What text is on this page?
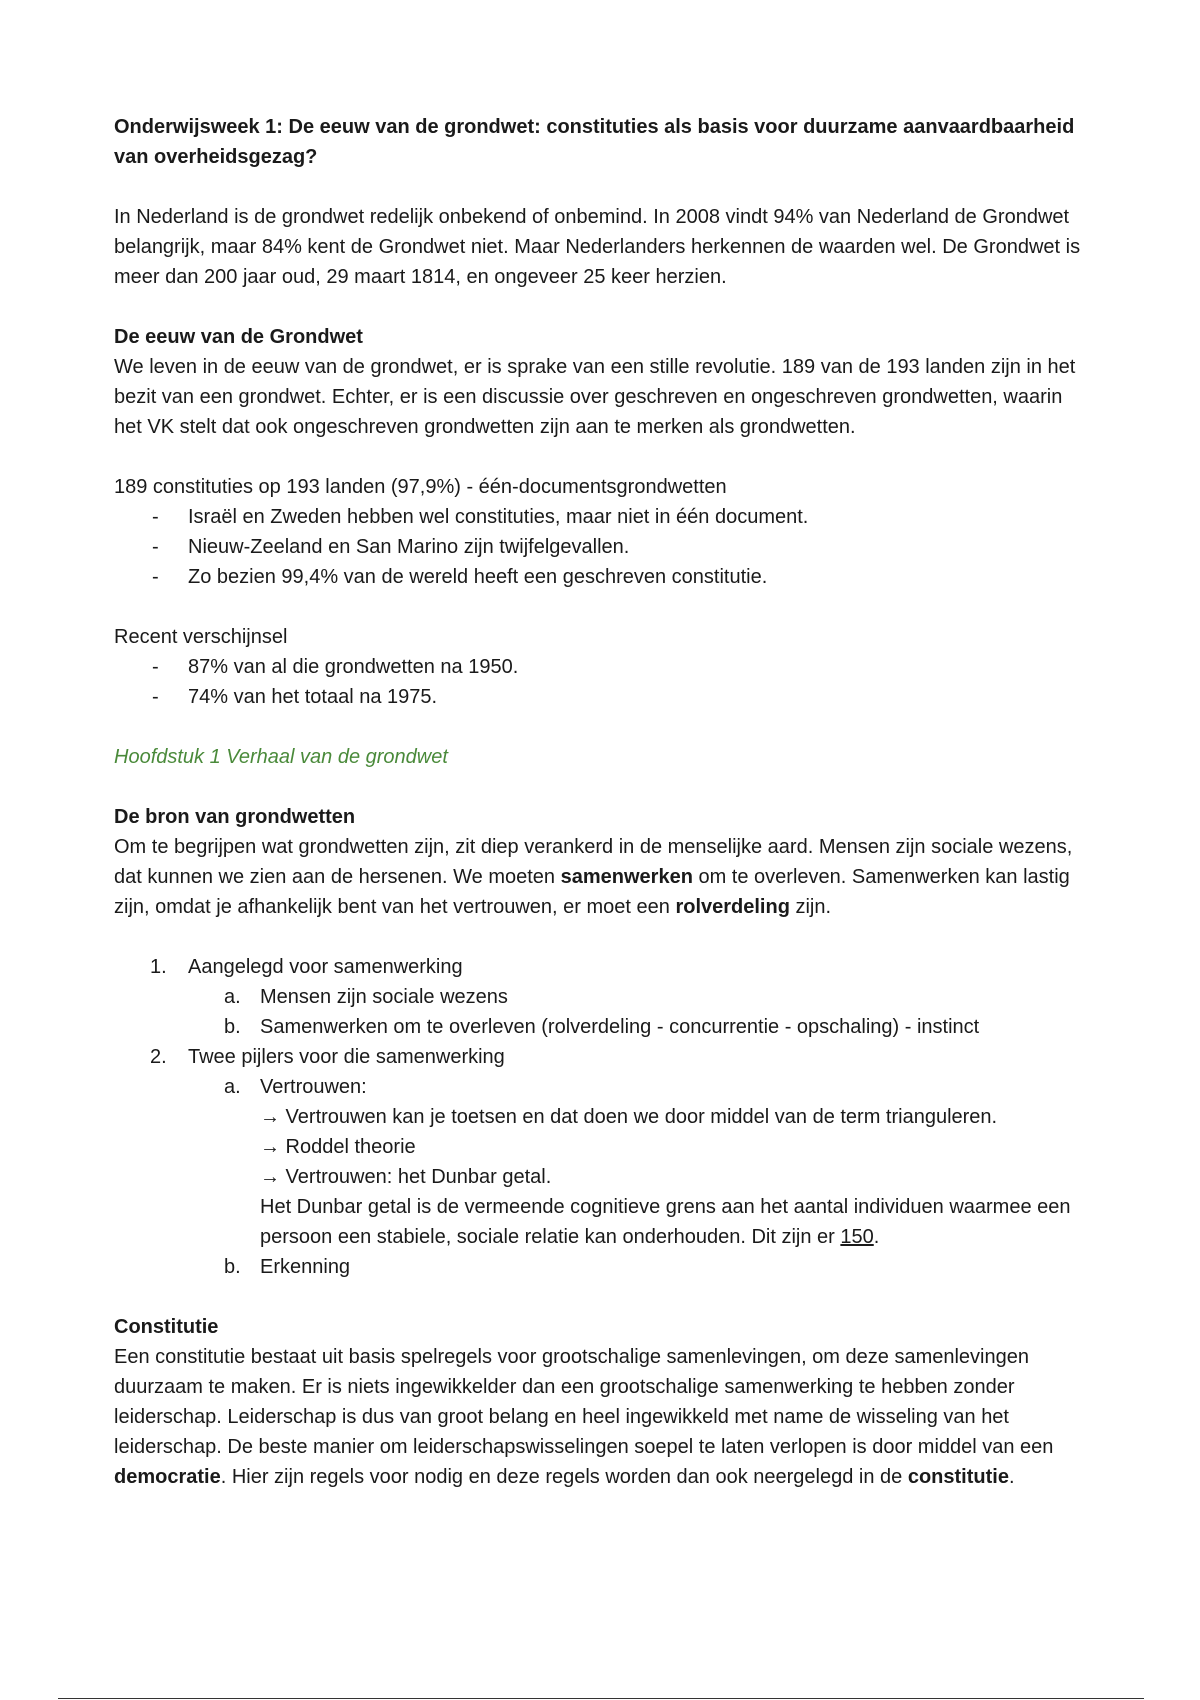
Onderwijsweek 1: De eeuw van de grondwet: constituties als basis voor duurzame aanvaardbaarheid van overheidsgezag?

In Nederland is de grondwet redelijk onbekend of onbemind. In 2008 vindt 94% van Nederland de Grondwet belangrijk, maar 84% kent de Grondwet niet. Maar Nederlanders herkennen de waarden wel. De Grondwet is meer dan 200 jaar oud, 29 maart 1814, en ongeveer 25 keer herzien.

De eeuw van de Grondwet

We leven in de eeuw van de grondwet, er is sprake van een stille revolutie. 189 van de 193 landen zijn in het bezit van een grondwet. Echter, er is een discussie over geschreven en ongeschreven grondwetten, waarin het VK stelt dat ook ongeschreven grondwetten zijn aan te merken als grondwetten.

189 constituties op 193 landen (97,9%) - één-documentsgrondwetten
- Israël en Zweden hebben wel constituties, maar niet in één document.
- Nieuw-Zeeland en San Marino zijn twijfelgevallen.
- Zo bezien 99,4% van de wereld heeft een geschreven constitutie.
Recent verschijnsel
- 87% van al die grondwetten na 1950.
- 74% van het totaal na 1975.
Hoofdstuk 1 Verhaal van de grondwet
De bron van grondwetten

Om te begrijpen wat grondwetten zijn, zit diep verankerd in de menselijke aard. Mensen zijn sociale wezens, dat kunnen we zien aan de hersenen. We moeten samenwerken om te overleven. Samenwerken kan lastig zijn, omdat je afhankelijk bent van het vertrouwen, er moet een rolverdeling zijn.

1. Aangelegd voor samenwerking
a. Mensen zijn sociale wezens
b. Samenwerken om te overleven (rolverdeling - concurrentie - opschaling) - instinct
2. Twee pijlers voor die samenwerking
a. Vertrouwen:
→ Vertrouwen kan je toetsen en dat doen we door middel van de term trianguleren.
→ Roddel theorie
→ Vertrouwen: het Dunbar getal.
Het Dunbar getal is de vermeende cognitieve grens aan het aantal individuen waarmee een persoon een stabiele, sociale relatie kan onderhouden. Dit zijn er 150.
b. Erkenning
Constitutie

Een constitutie bestaat uit basis spelregels voor grootschalige samenlevingen, om deze samenlevingen duurzaam te maken. Er is niets ingewikkelder dan een grootschalige samenwerking te hebben zonder leiderschap. Leiderschap is dus van groot belang en heel ingewikkeld met name de wisseling van het leiderschap. De beste manier om leiderschapswisselingen soepel te laten verlopen is door middel van een democratie. Hier zijn regels voor nodig en deze regels worden dan ook neergelegd in de constitutie.
